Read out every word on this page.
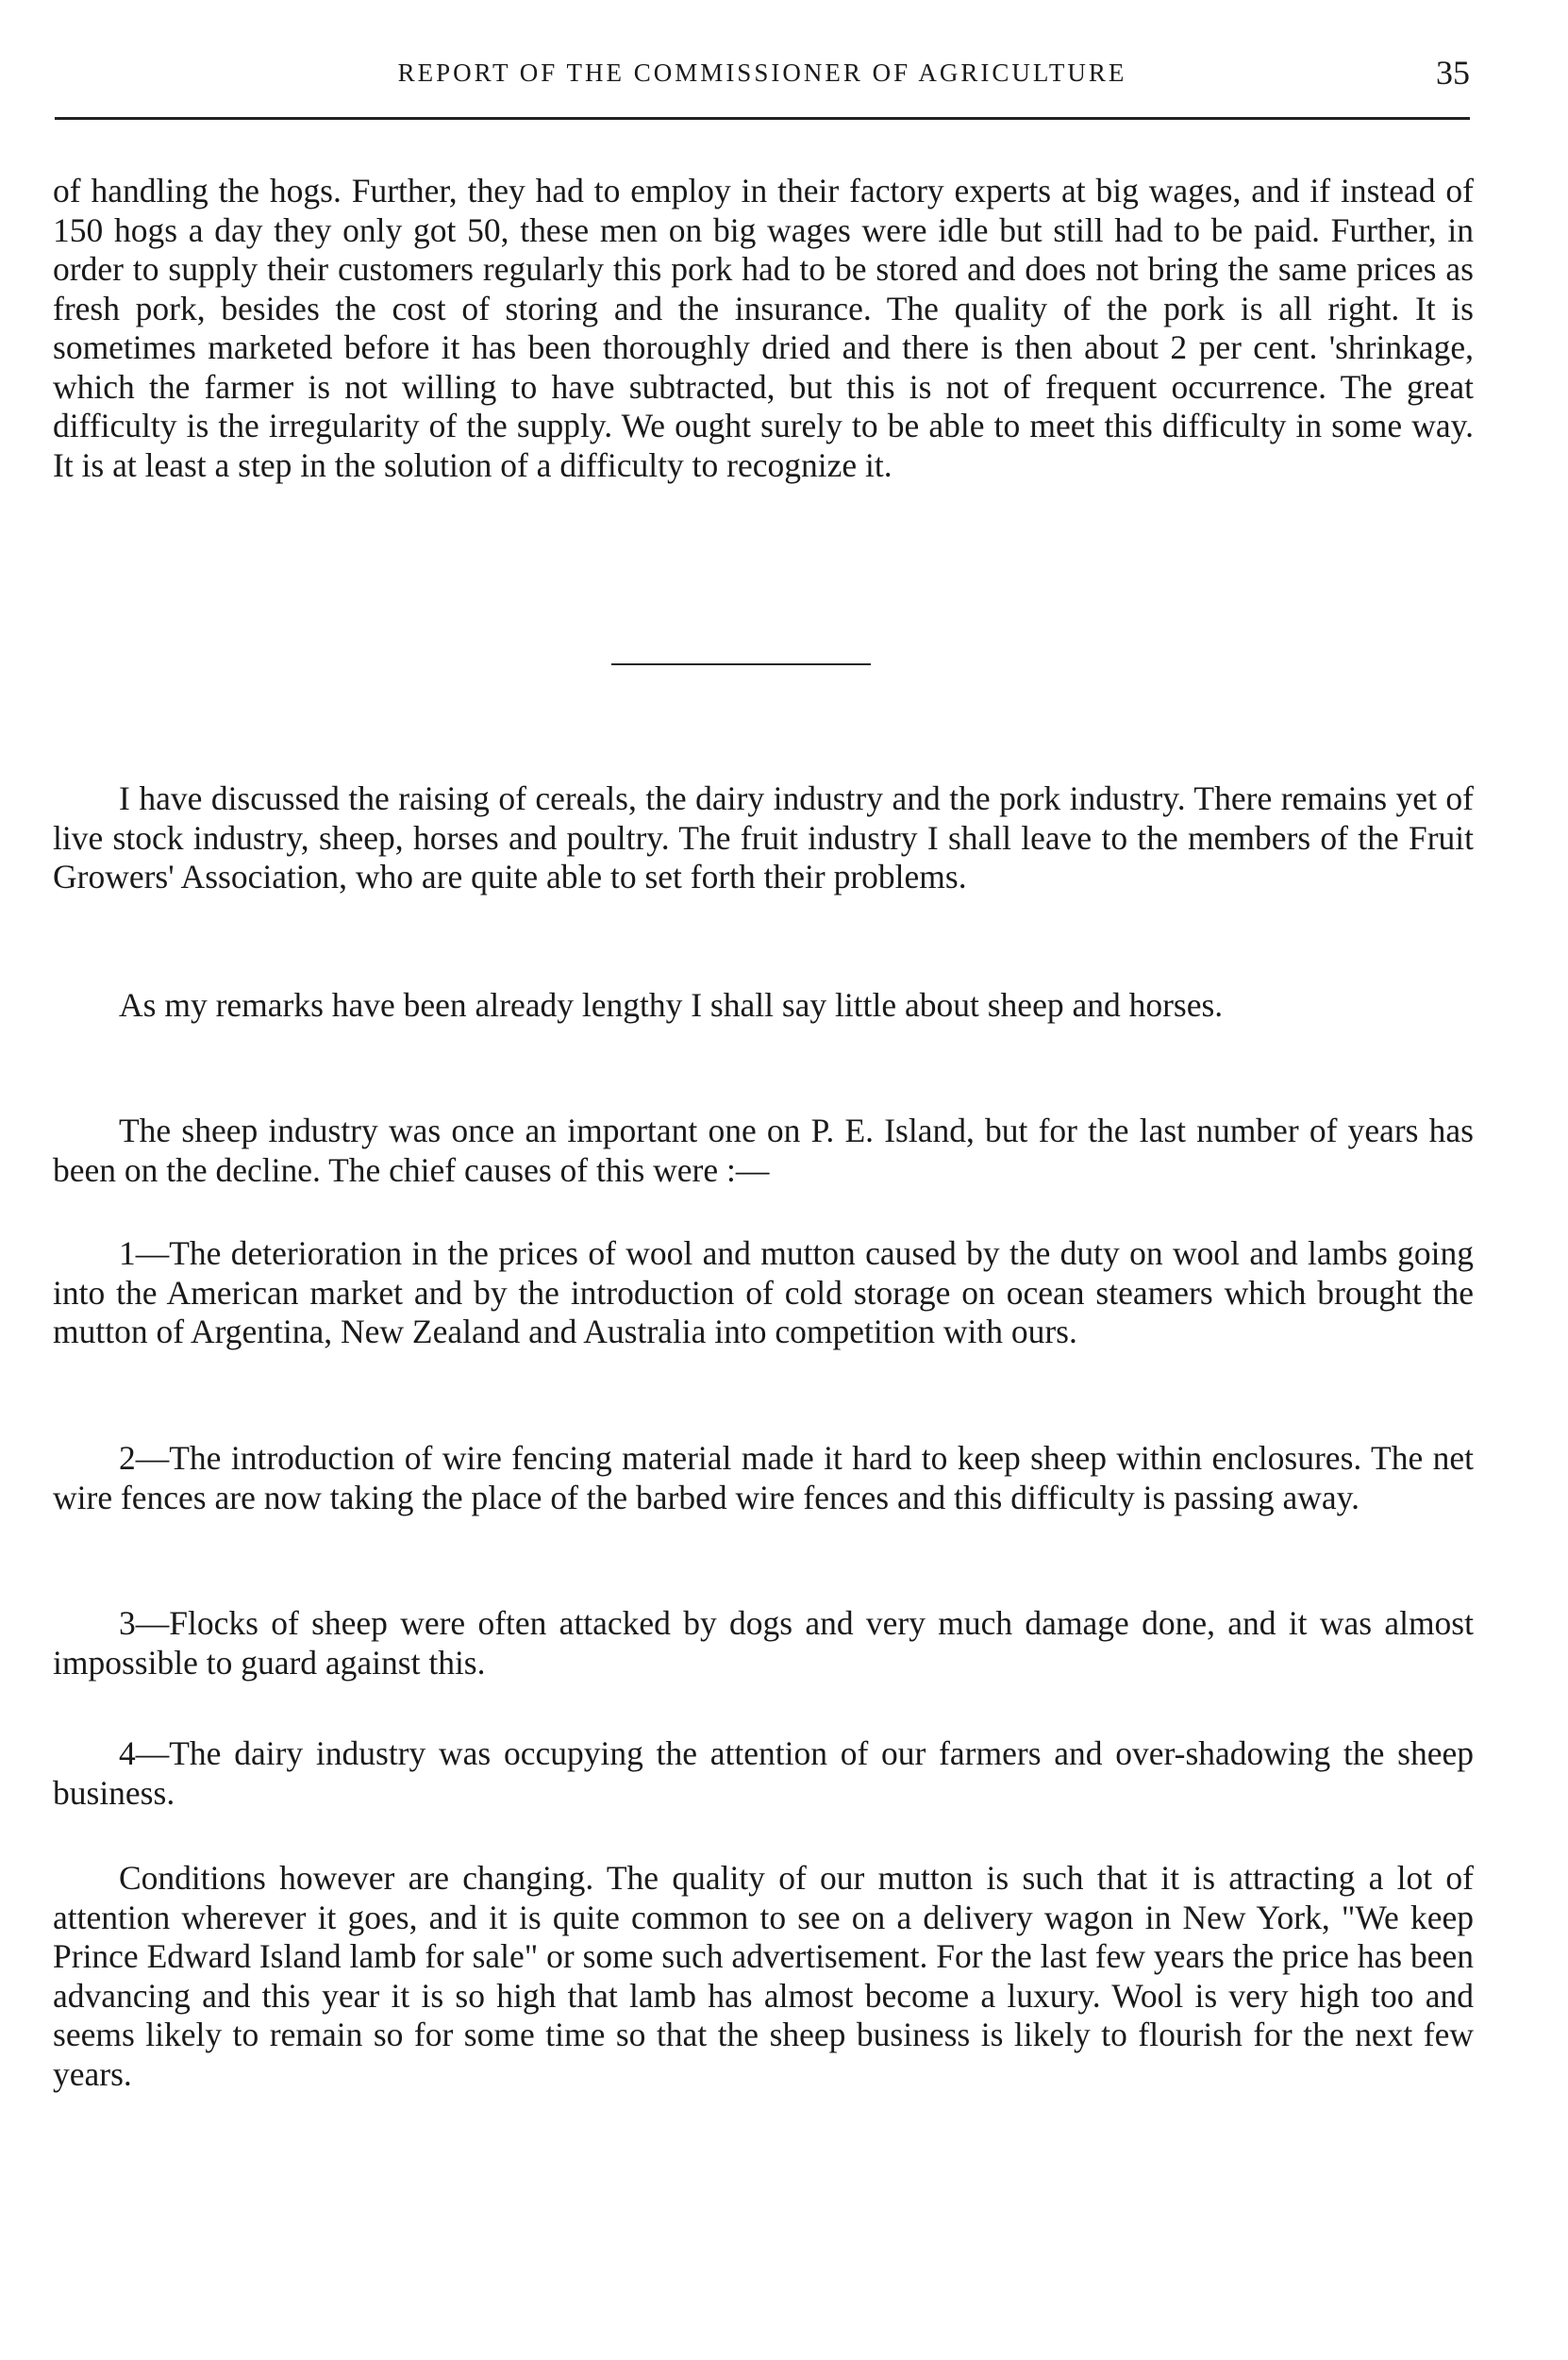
REPORT OF THE COMMISSIONER OF AGRICULTURE	35

of handling the hogs. Further, they had to employ in their factory experts at big wages, and if instead of 150 hogs a day they only got 50, these men on big wages were idle but still had to be paid. Further, in order to supply their customers regularly this pork had to be stored and does not bring the same prices as fresh pork, besides the cost of storing and the insurance. The quality of the pork is all right. It is sometimes marketed before it has been thoroughly dried and there is then about 2 per cent. 'shrinkage, which the farmer is not willing to have subtracted, but this is not of frequent occurrence. The great difficulty is the irregularity of the supply. We ought surely to be able to meet this difficulty in some way. It is at least a step in the solution of a difficulty to recognize it.

I have discussed the raising of cereals, the dairy industry and the pork industry. There remains yet of live stock industry, sheep, horses and poultry. The fruit industry I shall leave to the members of the Fruit Growers' Association, who are quite able to set forth their problems.

As my remarks have been already lengthy I shall say little about sheep and horses.

The sheep industry was once an important one on P. E. Island, but for the last number of years has been on the decline. The chief causes of this were :—

1—The deterioration in the prices of wool and mutton caused by the duty on wool and lambs going into the American market and by the introduction of cold storage on ocean steamers which brought the mutton of Argentina, New Zealand and Australia into competition with ours.

2—The introduction of wire fencing material made it hard to keep sheep within enclosures. The net wire fences are now taking the place of the barbed wire fences and this difficulty is passing away.

3—Flocks of sheep were often attacked by dogs and very much damage done, and it was almost impossible to guard against this.

4—The dairy industry was occupying the attention of our farmers and over-shadowing the sheep business.

Conditions however are changing. The quality of our mutton is such that it is attracting a lot of attention wherever it goes, and it is quite common to see on a delivery wagon in New York, "We keep Prince Edward Island lamb for sale" or some such advertisement. For the last few years the price has been advancing and this year it is so high that lamb has almost become a luxury. Wool is very high too and seems likely to remain so for some time so that the sheep business is likely to flourish for the next few years.
